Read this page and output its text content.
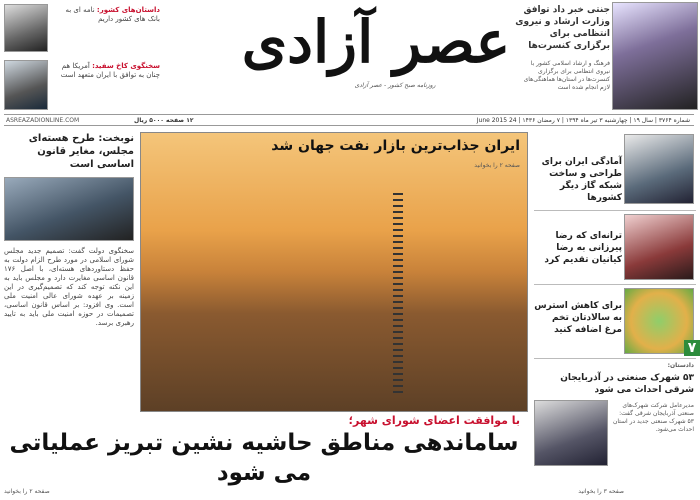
داستان‌های کشور: نامه ای به بانک های کشور داریم
سخنگوی کاخ سفید: آمریکا هم چنان به توافق با ایران متعهد است عصر آزادی
روزنامه صبح کشور - عصر آزادی
فرهنگ و ارشاد اسلامی کشور با نیروی انتظامی برای برگزاری کنسرت‌ها در استان‌ها هماهنگی‌های لازم انجام شده است
جنتی خبر داد توافق وزارت ارشاد و نیروی انتظامی برای برگزاری کنسرت‌ها
شماره ۳۷۶۴ | سال ۱۹ | چهارشنبه ۳ تیر ماه ۱۳۹۴ | ۷ رمضان ۱۴۳۶ | 24 June 2015
۱۲ صفحه ۵۰۰۰ ریال
ASREAZADIONLINE.COM
نوبخت: طرح هسته‌ای مجلس، مغایر قانون اساسی است
سخنگوی دولت گفت: تصمیم جدید مجلس شورای اسلامی در مورد طرح الزام دولت به حفظ دستاوردهای هسته‌ای، با اصل ۱۷۶ قانون اساسی مغایرت دارد و مجلس باید به این نکته توجه کند که تصمیم‌گیری در این زمینه بر عهده شورای عالی امنیت ملی است. وی افزود: بر اساس قانون اساسی، تصمیمات در حوزه امنیت ملی باید به تایید رهبری برسد.
ایران جذاب‌ترین بازار نفت جهان شد
صفحه ۲ را بخوانید	آمادگی ایران برای طراحی و ساخت شبکه گاز دیگر کشورها
ترانه‌ای که رضا پیرزانی به رضا کیانیان تقدیم کرد
برای کاهش استرس به سالادتان تخم مرغ اضافه کنید
۷
دادستان:
۵۳ شهرک صنعتی در آذربایجان شرقی احداث می شود
مدیرعامل شرکت شهرک‌های صنعتی آذربایجان شرقی گفت: ۵۳ شهرک صنعتی جدید در استان احداث می‌شود.
با موافقت اعضای شورای شهر؛
ساماندهی مناطق حاشیه نشین تبریز عملیاتی می شود
صفحه ۲ را بخوانید	صفحه ۳ را بخوانید
